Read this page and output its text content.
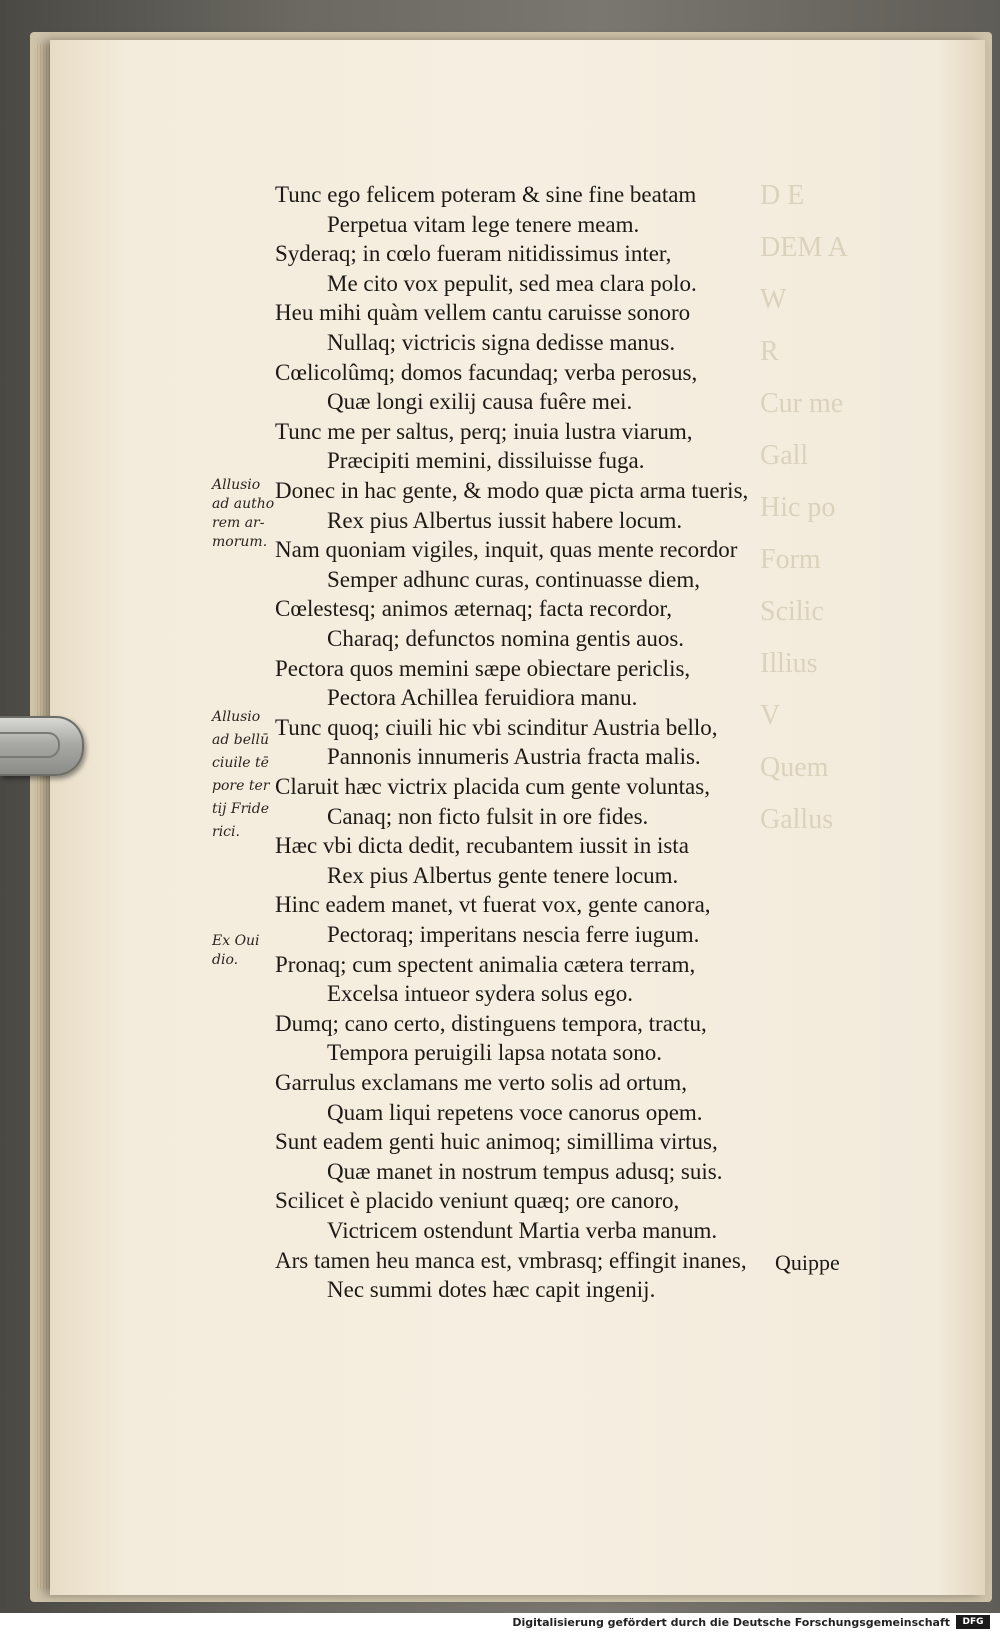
D E
DEM A
W
R
Cur me
Gall
Hic po
Form
Scilic
Illius
V
Quem
Gallus
Tunc ego felicem poteram & sine fine beatam
Perpetua vitam lege tenere meam.
Syderaq; in cœlo fueram nitidissimus inter,
Me cito vox pepulit, sed mea clara polo.
Heu mihi quàm vellem cantu caruisse sonoro
Nullaq; victricis signa dedisse manus.
Cœlicolûmq; domos facundaq; verba perosus,
Quæ longi exilij causa fuêre mei.
Tunc me per saltus, perq; inuia lustra viarum,
Præcipiti memini, dissiluisse fuga.
Donec in hac gente, & modo quæ picta arma tueris,
Rex pius Albertus iussit habere locum.
Nam quoniam vigiles, inquit, quas mente recordor
Semper adhunc curas, continuasse diem,
Cœlestesq; animos æternaq; facta recordor,
Charaq; defunctos nomina gentis auos.
Pectora quos memini sæpe obiectare periclis,
Pectora Achillea feruidiora manu.
Tunc quoq; ciuili hic vbi scinditur Austria bello,
Pannonis innumeris Austria fracta malis.
Claruit hæc victrix placida cum gente voluntas,
Canaq; non ficto fulsit in ore fides.
Hæc vbi dicta dedit, recubantem iussit in ista
Rex pius Albertus gente tenere locum.
Hinc eadem manet, vt fuerat vox, gente canora,
Pectoraq; imperitans nescia ferre iugum.
Pronaq; cum spectent animalia cætera terram,
Excelsa intueor sydera solus ego.
Dumq; cano certo, distinguens tempora, tractu,
Tempora peruigili lapsa notata sono.
Garrulus exclamans me verto solis ad ortum,
Quam liqui repetens voce canorus opem.
Sunt eadem genti huic animoq; simillima virtus,
Quæ manet in nostrum tempus adusq; suis.
Scilicet è placido veniunt quæq; ore canoro,
Victricem ostendunt Martia verba manum.
Ars tamen heu manca est, vmbrasq; effingit inanes,
Nec summi dotes hæc capit ingenij.
Quippe
Digitalisierung gefördert durch die Deutsche Forschungsgemeinschaft	DFG
Allusio
ad autho
rem ar-
morum.
Allusio
ad bellū
ciuile tē
pore ter
tij Fride
rici.
Ex Oui
dio.
